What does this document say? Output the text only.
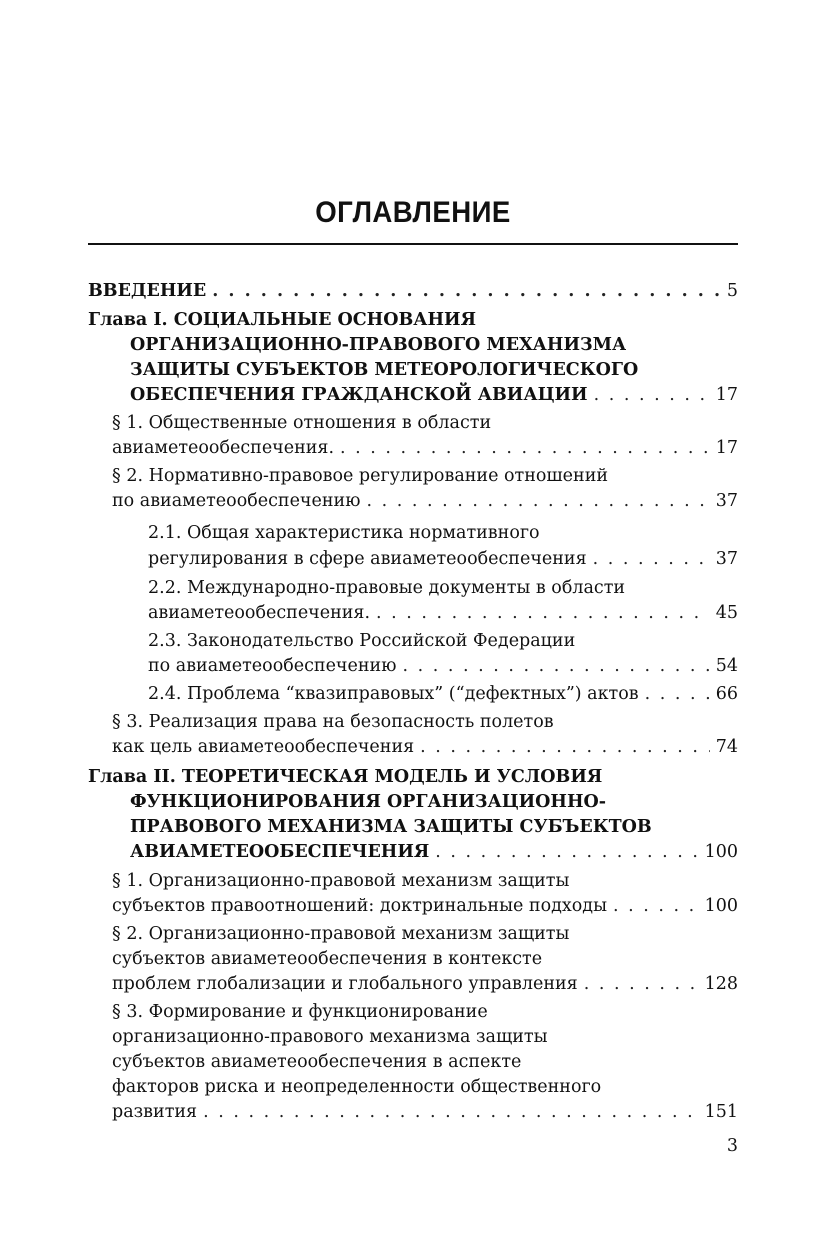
ОГЛАВЛЕНИЕ
ВВЕДЕНИЕ . . .	5
Глава I. СОЦИАЛЬНЫЕ ОСНОВАНИЯ
ОРГАНИЗАЦИОННО-ПРАВОВОГО МЕХАНИЗМА
ЗАЩИТЫ СУБЪЕКТОВ МЕТЕОРОЛОГИЧЕСКОГО
ОБЕСПЕЧЕНИЯ ГРАЖДАНСКОЙ АВИАЦИИ . . .	17
§ 1. Общественные отношения в области
авиаметеообеспечения. . . .	17
§ 2. Нормативно-правовое регулирование отношений
по авиаметеообеспечению . . .	37
2.1. Общая характеристика нормативного
регулирования в сфере авиаметеообеспечения . . .	37
2.2. Международно-правовые документы в области
авиаметеообеспечения. . . .	45
2.3. Законодательство Российской Федерации
по авиаметеообеспечению . . .	54
2.4. Проблема “квазиправовых” (“дефектных”) актов . . .	66
§ 3. Реализация права на безопасность полетов
как цель авиаметеообеспечения . . .	74
Глава II. ТЕОРЕТИЧЕСКАЯ МОДЕЛЬ И УСЛОВИЯ
ФУНКЦИОНИРОВАНИЯ ОРГАНИЗАЦИОННО-
ПРАВОВОГО МЕХАНИЗМА ЗАЩИТЫ СУБЪЕКТОВ
АВИАМЕТЕООБЕСПЕЧЕНИЯ . . .	100
§ 1. Организационно-правовой механизм защиты
субъектов правоотношений: доктринальные подходы . . .	100
§ 2. Организационно-правовой механизм защиты
субъектов авиаметеообеспечения в контексте
проблем глобализации и глобального управления . . .	128
§ 3. Формирование и функционирование
организационно-правового механизма защиты
субъектов авиаметеообеспечения в аспекте
факторов риска и неопределенности общественного
развития . . .	151
3
